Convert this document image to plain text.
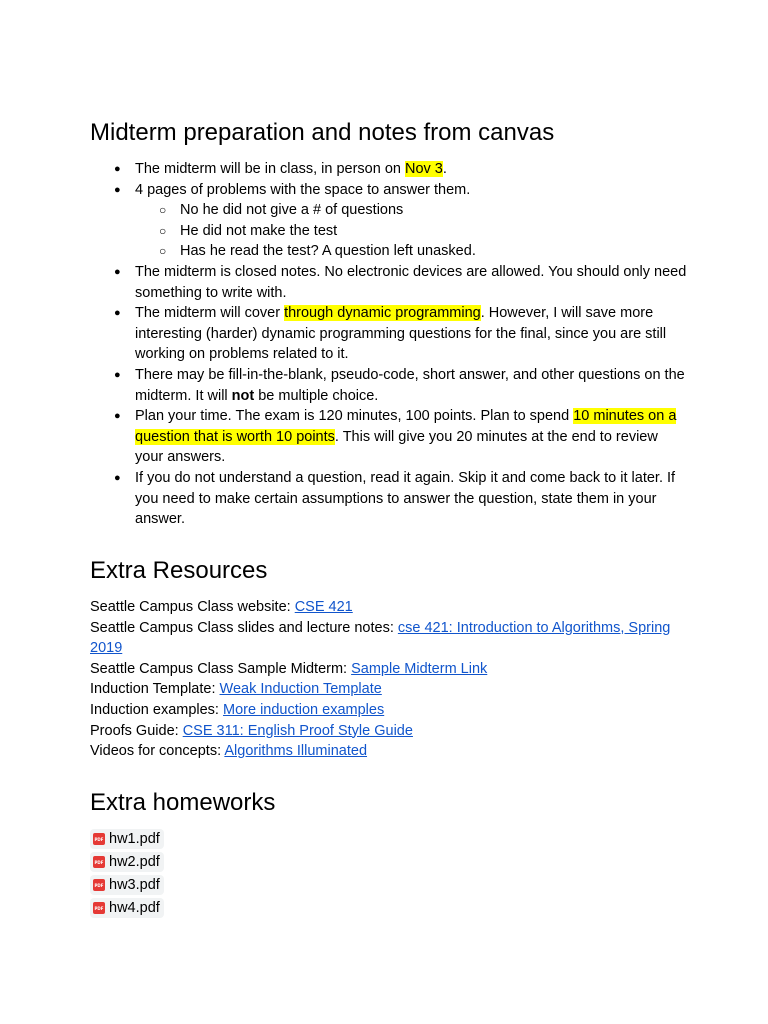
Midterm preparation and notes from canvas
● The midterm will be in class, in person on Nov 3.
● 4 pages of problems with the space to answer them.
○ No he did not give a # of questions
○ He did not make the test
○ Has he read the test? A question left unasked.
● The midterm is closed notes. No electronic devices are allowed. You should only need something to write with.
● The midterm will cover through dynamic programming. However, I will save more interesting (harder) dynamic programming questions for the final, since you are still working on problems related to it.
● There may be fill-in-the-blank, pseudo-code, short answer, and other questions on the midterm. It will not be multiple choice.
● Plan your time. The exam is 120 minutes, 100 points. Plan to spend 10 minutes on a question that is worth 10 points. This will give you 20 minutes at the end to review your answers.
● If you do not understand a question, read it again. Skip it and come back to it later. If you need to make certain assumptions to answer the question, state them in your answer.
Extra Resources
Seattle Campus Class website: CSE 421
Seattle Campus Class slides and lecture notes: cse 421: Introduction to Algorithms, Spring 2019
Seattle Campus Class Sample Midterm: Sample Midterm Link
Induction Template: Weak Induction Template
Induction examples: More induction examples
Proofs Guide: CSE 311: English Proof Style Guide
Videos for concepts: Algorithms Illuminated
Extra homeworks
PDF hw1.pdf
PDF hw2.pdf
PDF hw3.pdf
PDF hw4.pdf
